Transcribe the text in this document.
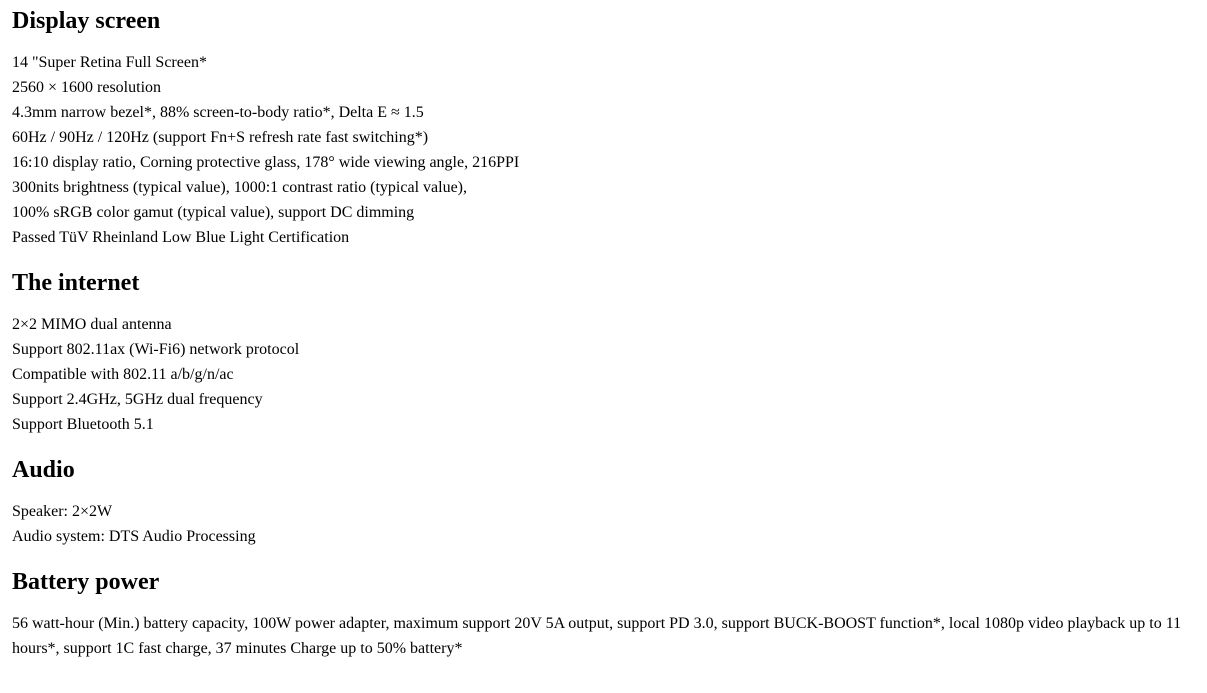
Display screen

14 "Super Retina Full Screen*

2560 × 1600 resolution

4.3mm narrow bezel*, 88% screen-to-body ratio*, Delta E ≈ 1.5

60Hz / 90Hz / 120Hz (support Fn+S refresh rate fast switching*)

16:10 display ratio, Corning protective glass, 178° wide viewing angle, 216PPI

300nits brightness (typical value), 1000:1 contrast ratio (typical value),

100% sRGB color gamut (typical value), support DC dimming

Passed TüV Rheinland Low Blue Light Certification

The internet

2×2 MIMO dual antenna

Support 802.11ax (Wi-Fi6) network protocol

Compatible with 802.11 a/b/g/n/ac

Support 2.4GHz, 5GHz dual frequency

Support Bluetooth 5.1

Audio

Speaker: 2×2W

Audio system: DTS Audio Processing

Battery power

56 watt-hour (Min.) battery capacity, 100W power adapter, maximum support 20V 5A output, support PD 3.0, support BUCK-BOOST function*, local 1080p video playback up to 11 hours*, support 1C fast charge, 37 minutes Charge up to 50% battery*
